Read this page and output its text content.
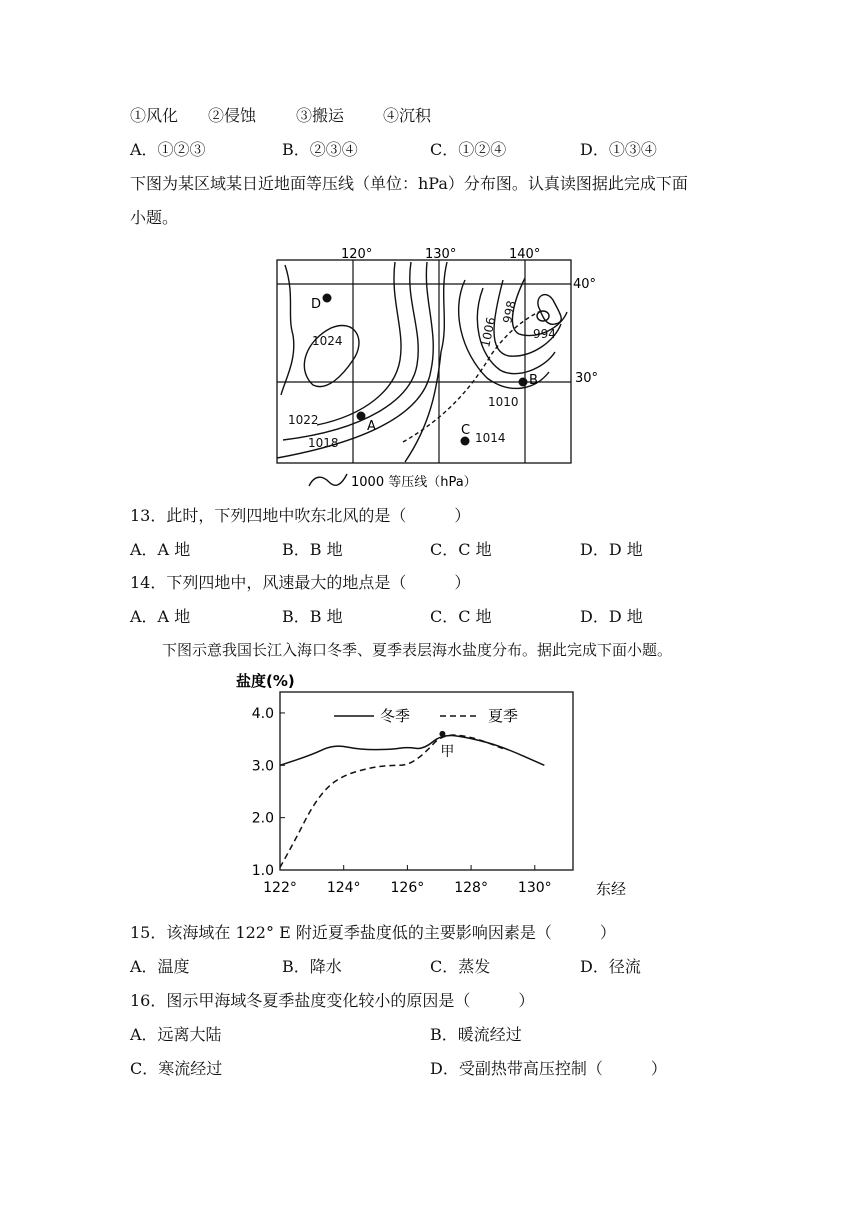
①风化 ②侵蚀 ③搬运 ④沉积
A．①②③	B．②③④	C．①②④	D．①③④
下图为某区域某日近地面等压线（单位：hPa）分布图。认真读图据此完成下面
小题。
120°	130°	140°
40°
30°
1024
1022
1018
1006
998
994
1010
1014
D
A
B
C
1000 等压线（hPa）
13．此时，下列四地中吹东北风的是（　　　）
A．A 地	B．B 地	C．C 地	D．D 地
14．下列四地中，风速最大的地点是（　　　）
A．A 地	B．B 地	C．C 地	D．D 地
下图示意我国长江入海口冬季、夏季表层海水盐度分布。据此完成下面小题。
盐度(%)
122° 124° 126° 128° 130°
4.0
3.0
2.0
1.0
东经
冬季	夏季
甲
15．该海域在 122° E 附近夏季盐度低的主要影响因素是（　　　）
A．温度	B．降水	C．蒸发	D．径流
16．图示甲海域冬夏季盐度变化较小的原因是（　　　）
A．远离大陆	B．暖流经过
C．寒流经过	D．受副热带高压控制（　　　）
